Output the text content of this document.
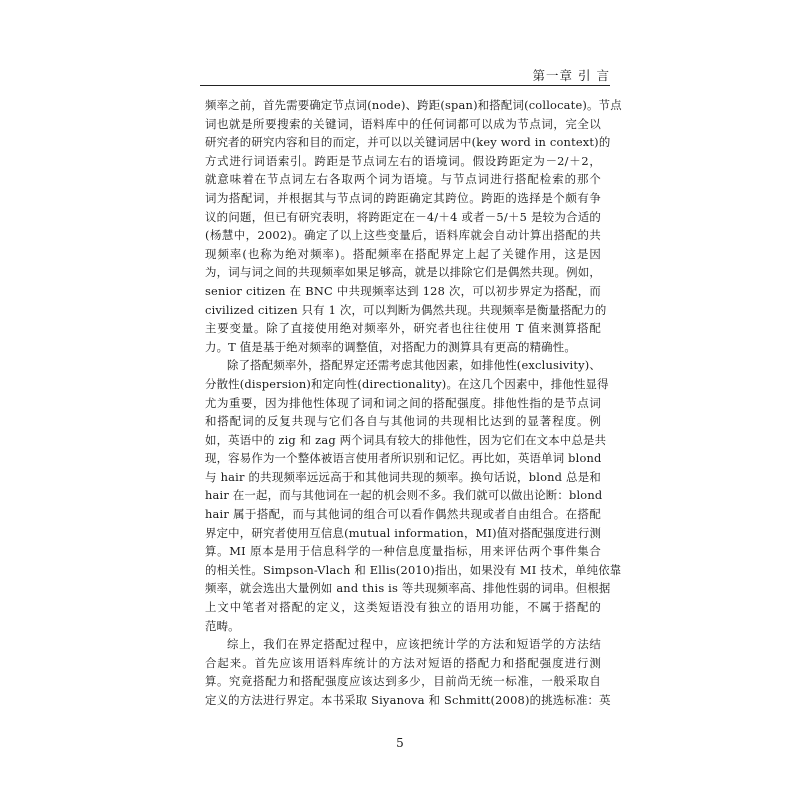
第一章 引 言
频率之前，首先需要确定节点词(node)、跨距(span)和搭配词(collocate)。节点
词也就是所要搜索的关键词，语料库中的任何词都可以成为节点词，完全以
研究者的研究内容和目的而定，并可以以关键词居中(key word in context)的
方式进行词语索引。跨距是节点词左右的语境词。假设跨距定为－2/＋2，
就意味着在节点词左右各取两个词为语境。与节点词进行搭配检索的那个
词为搭配词，并根据其与节点词的跨距确定其跨位。跨距的选择是个颇有争
议的问题，但已有研究表明，将跨距定在－4/＋4 或者－5/＋5 是较为合适的
(杨慧中，2002)。确定了以上这些变量后，语料库就会自动计算出搭配的共
现频率(也称为绝对频率)。搭配频率在搭配界定上起了关键作用，这是因
为，词与词之间的共现频率如果足够高，就是以排除它们是偶然共现。例如，
senior citizen 在 BNC 中共现频率达到 128 次，可以初步界定为搭配，而
civilized citizen 只有 1 次，可以判断为偶然共现。共现频率是衡量搭配力的
主要变量。除了直接使用绝对频率外，研究者也往往使用 T 值来测算搭配
力。T 值是基于绝对频率的调整值，对搭配力的测算具有更高的精确性。
除了搭配频率外，搭配界定还需考虑其他因素，如排他性(exclusivity)、
分散性(dispersion)和定向性(directionality)。在这几个因素中，排他性显得
尤为重要，因为排他性体现了词和词之间的搭配强度。排他性指的是节点词
和搭配词的反复共现与它们各自与其他词的共现相比达到的显著程度。例
如，英语中的 zig 和 zag 两个词具有较大的排他性，因为它们在文本中总是共
现，容易作为一个整体被语言使用者所识别和记忆。再比如，英语单词 blond
与 hair 的共现频率远远高于和其他词共现的频率。换句话说，blond 总是和
hair 在一起，而与其他词在一起的机会则不多。我们就可以做出论断：blond
hair 属于搭配，而与其他词的组合可以看作偶然共现或者自由组合。在搭配
界定中，研究者使用互信息(mutual information，MI)值对搭配强度进行测
算。MI 原本是用于信息科学的一种信息度量指标，用来评估两个事件集合
的相关性。Simpson-Vlach 和 Ellis(2010)指出，如果没有 MI 技术，单纯依靠
频率，就会选出大量例如 and this is 等共现频率高、排他性弱的词串。但根据
上文中笔者对搭配的定义，这类短语没有独立的语用功能，不属于搭配的
范畴。
综上，我们在界定搭配过程中，应该把统计学的方法和短语学的方法结
合起来。首先应该用语料库统计的方法对短语的搭配力和搭配强度进行测
算。究竟搭配力和搭配强度应该达到多少，目前尚无统一标准，一般采取自
定义的方法进行界定。本书采取 Siyanova 和 Schmitt(2008)的挑选标准：英
5
